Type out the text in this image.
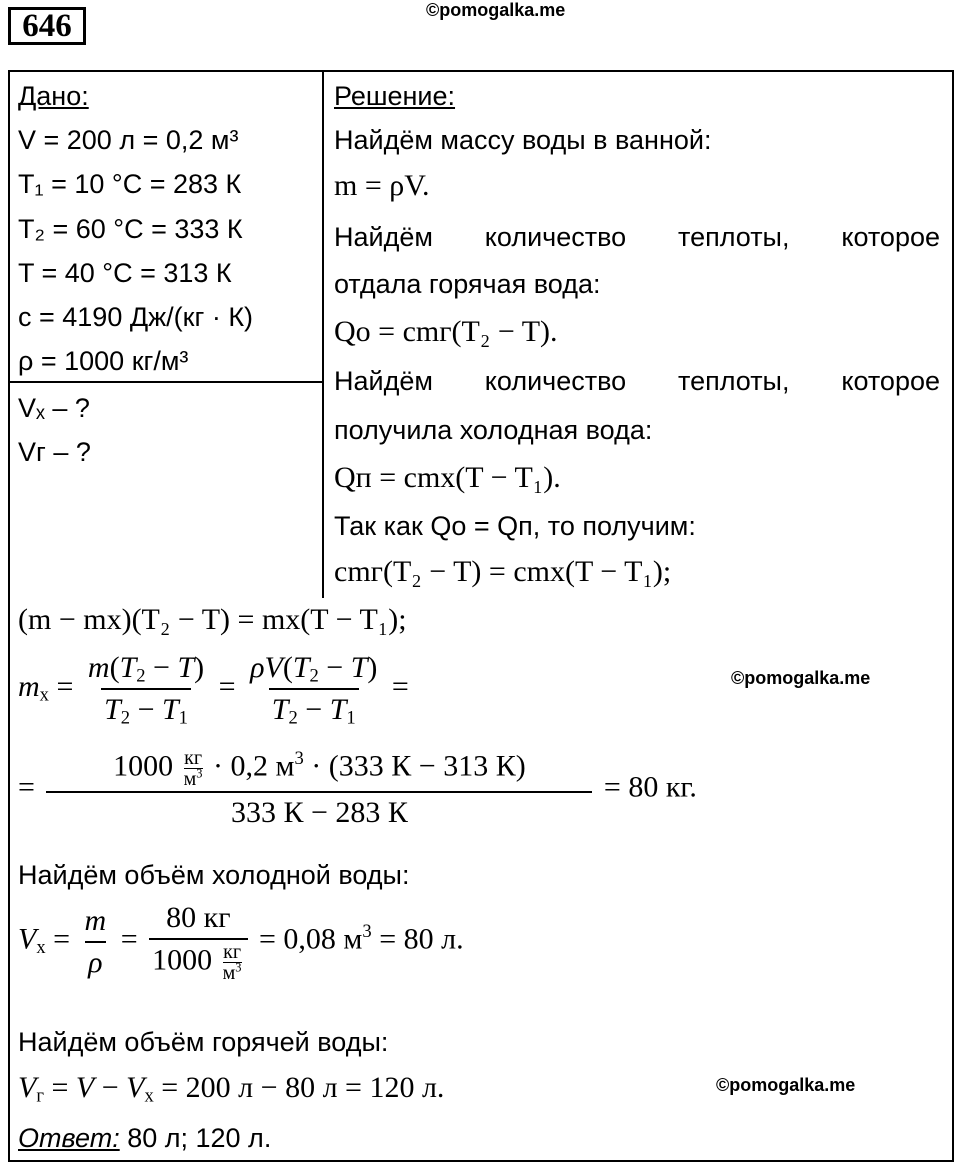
646	©pomogalka.me
©pomogalka.me
©pomogalka.me
Дано:
V = 200 л = 0,2 м³
T₁ = 10 °C = 283 К
T₂ = 60 °C = 333 К
T = 40 °C = 313 К
c = 4190 Дж/(кг · К)
ρ = 1000 кг/м³
Vₓ – ?
Vг – ?
Решение:
Найдём массу воды в ванной:
m = ρV.
Найдём количество теплоты, которое
отдала горячая вода:
Qо = cmг(T₂ − T).
Найдём количество теплоты, которое
получила холодная вода:
Qп = cmх(T − T₁).
Так как Qо = Qп, то получим:
cmг(T₂ − T) = cmх(T − T₁);
(m − mх)(T₂ − T) = mх(T − T₁);
$m_х = \frac{m(T_2 - T)}{T_2 - T_1} = \frac{\rho V(T_2 - T)}{T_2 - T_1}$ =
= 1000 кг
$м^3 \cdot 0,2$ $м^3 \cdot (333$ К − 313 К)
333 К − 283 К = 80 кг.
Найдём объём холодной воды:
$V_х = \frac{m}{\rho} = 80$ кг
1000 кг
$м^3 = 0,08$ $м^3 = 80$ л.
Найдём объём горячей воды:
$V_г = V - V_х = 200$ л − 80 л = 120 л.
Ответ: 80 л; 120 л.
